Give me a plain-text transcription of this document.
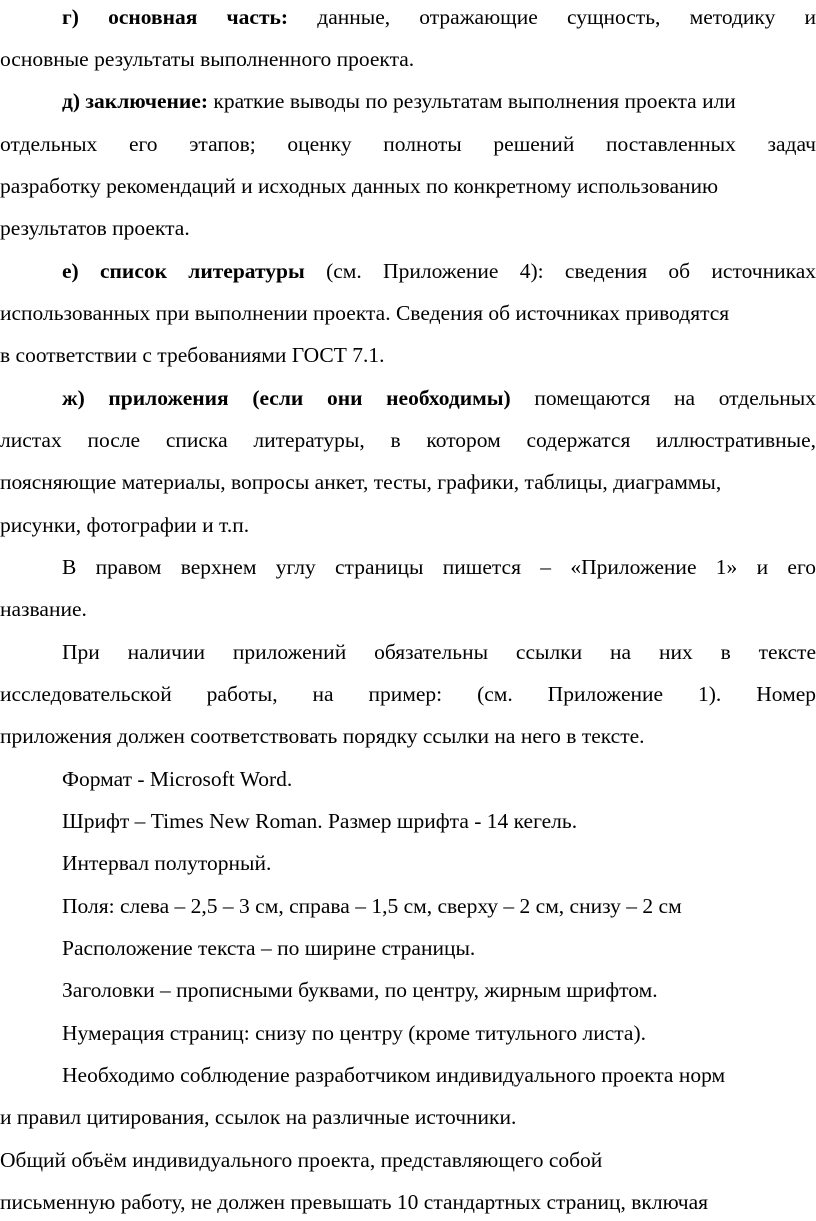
г) основная часть: данные, отражающие сущность, методику и
основные результаты выполненного проекта.
д) заключение: краткие выводы по результатам выполнения проекта или
отдельных его этапов; оценку полноты решений поставленных задач
разработку рекомендаций и исходных данных по конкретному использованию
результатов проекта.
е) список литературы (см. Приложение 4): сведения об источниках
использованных при выполнении проекта. Сведения об источниках приводятся
в соответствии с требованиями ГОСТ 7.1.
ж) приложения (если они необходимы) помещаются на отдельных
листах после списка литературы, в котором содержатся иллюстративные,
поясняющие материалы, вопросы анкет, тесты, графики, таблицы, диаграммы,
рисунки, фотографии и т.п.
В правом верхнем углу страницы пишется – «Приложение 1» и его
название.
При наличии приложений обязательны ссылки на них в тексте
исследовательской работы, на пример: (см. Приложение 1). Номер
приложения должен соответствовать порядку ссылки на него в тексте.
Формат - Microsoft Word.
Шрифт – Times New Roman. Размер шрифта - 14 кегель.
Интервал полуторный.
Поля: слева – 2,5 – 3 см, справа – 1,5 см, сверху – 2 см, снизу – 2 см
Расположение текста – по ширине страницы.
Заголовки – прописными буквами, по центру, жирным шрифтом.
Нумерация страниц: снизу по центру (кроме титульного листа).
Необходимо соблюдение разработчиком индивидуального проекта норм
и правил цитирования, ссылок на различные источники.
Общий объём индивидуального проекта, представляющего собой
письменную работу, не должен превышать 10 стандартных страниц, включая
